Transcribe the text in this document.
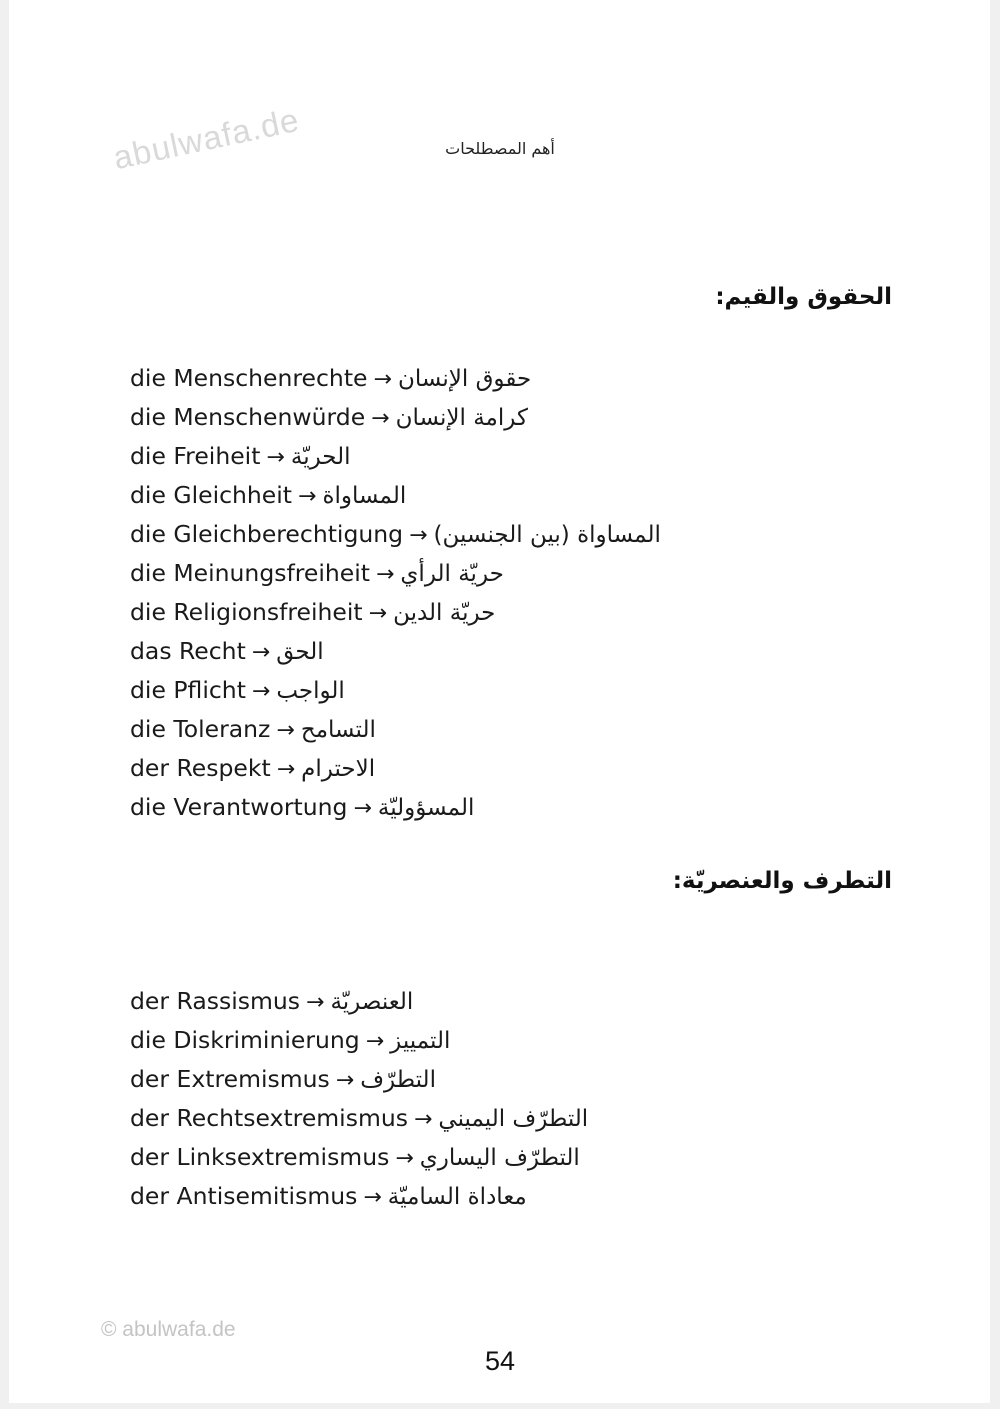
abulwafa.de	أهم المصطلحات
الحقوق والقيم:
die Menschenrechte → حقوق الإنسان
die Menschenwürde → كرامة الإنسان
die Freiheit → الحريّة
die Gleichheit → المساواة
die Gleichberechtigung → المساواة (بين الجنسين)
die Meinungsfreiheit → حريّة الرأي
die Religionsfreiheit → حريّة الدين
das Recht → الحق
die Pflicht → الواجب
die Toleranz → التسامح
der Respekt → الاحترام
die Verantwortung → المسؤوليّة
التطرف والعنصريّة:
der Rassismus → العنصريّة
die Diskriminierung → التمييز
der Extremismus → التطرّف
der Rechtsextremismus → التطرّف اليميني
der Linksextremismus → التطرّف اليساري
der Antisemitismus → معاداة الساميّة
© abulwafa.de
54
